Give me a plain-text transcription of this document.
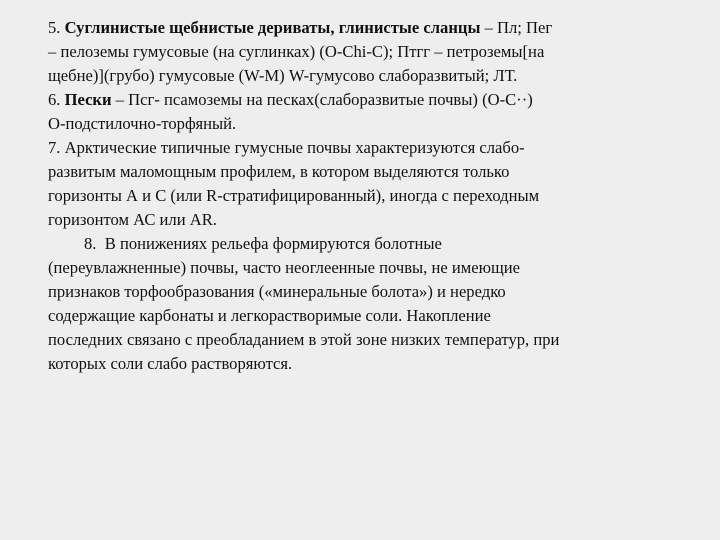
5. Суглинистые щебнистые дериваты, глинистые сланцы – Пл; Пег

– пелоземы гумусовые (на суглинках) (O-Chi-C); Птгг – петроземы[на

щебне)](грубо) гумусовые (W-M) W-гумусово слаборазвитый; ЛТ.

6. Пески – Псг- псамоземы на песках(слаборазвитые почвы) (O-C··)

O-подстилочно-торфяный.

7. Арктические типичные гумусные почвы характеризуются слабо-

развитым маломощным профилем, в котором выделяются только

горизонты А и С (или R-стратифицированный), иногда с переходным

горизонтом АС или AR.

8.  В понижениях рельефа формируются болотные

(переувлажненные) почвы, часто неоглеенные почвы, не имеющие

признаков торфообразования («минеральные болота») и нередко

содержащие карбонаты и легкорастворимые соли. Накопление

последних связано с преобладанием в этой зоне низких температур, при

которых соли слабо растворяются.
